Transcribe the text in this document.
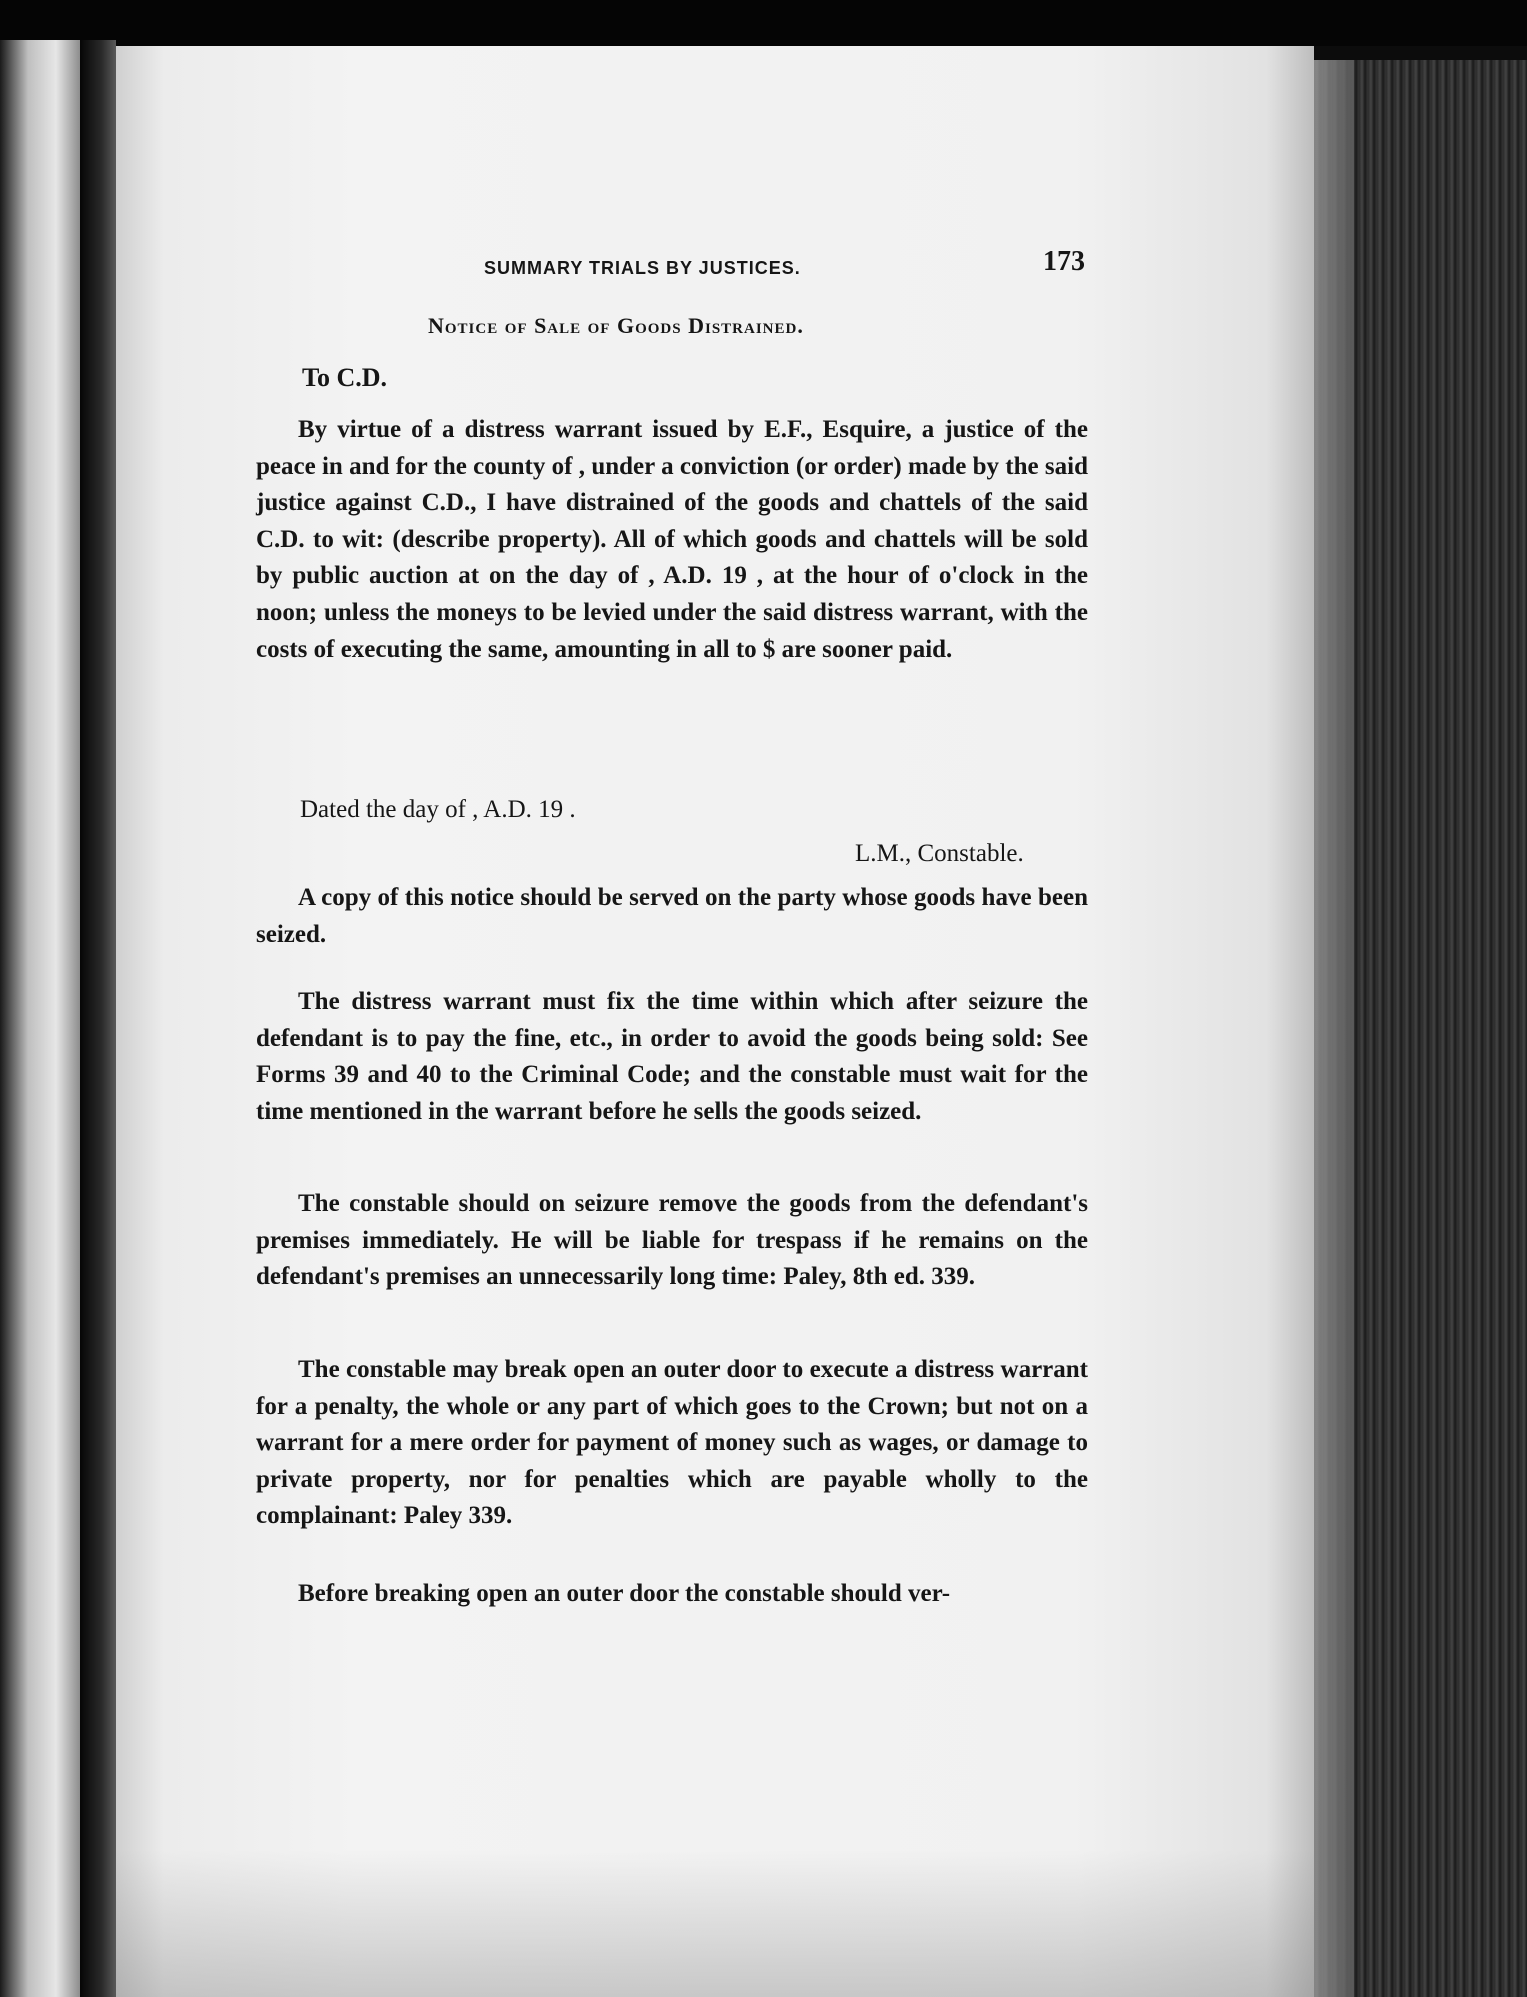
SUMMARY TRIALS BY JUSTICES.	173
Notice of Sale of Goods Distrained.
To C.D.
By virtue of a distress warrant issued by E.F., Esquire, a justice of the peace in and for the county of , under a conviction (or order) made by the said justice against C.D., I have distrained of the goods and chattels of the said C.D. to wit: (describe property). All of which goods and chattels will be sold by public auction at on the day of , A.D. 19 , at the hour of o'clock in the noon; unless the moneys to be levied under the said distress warrant, with the costs of executing the same, amounting in all to $ are sooner paid.
Dated the day of , A.D. 19 .
L.M., Constable.
A copy of this notice should be served on the party whose goods have been seized.
The distress warrant must fix the time within which after seizure the defendant is to pay the fine, etc., in order to avoid the goods being sold: See Forms 39 and 40 to the Criminal Code; and the constable must wait for the time mentioned in the warrant before he sells the goods seized.
The constable should on seizure remove the goods from the defendant's premises immediately. He will be liable for trespass if he remains on the defendant's premises an unnecessarily long time: Paley, 8th ed. 339.
The constable may break open an outer door to execute a distress warrant for a penalty, the whole or any part of which goes to the Crown; but not on a warrant for a mere order for payment of money such as wages, or damage to private property, nor for penalties which are payable wholly to the complainant: Paley 339.
Before breaking open an outer door the constable should ver-
